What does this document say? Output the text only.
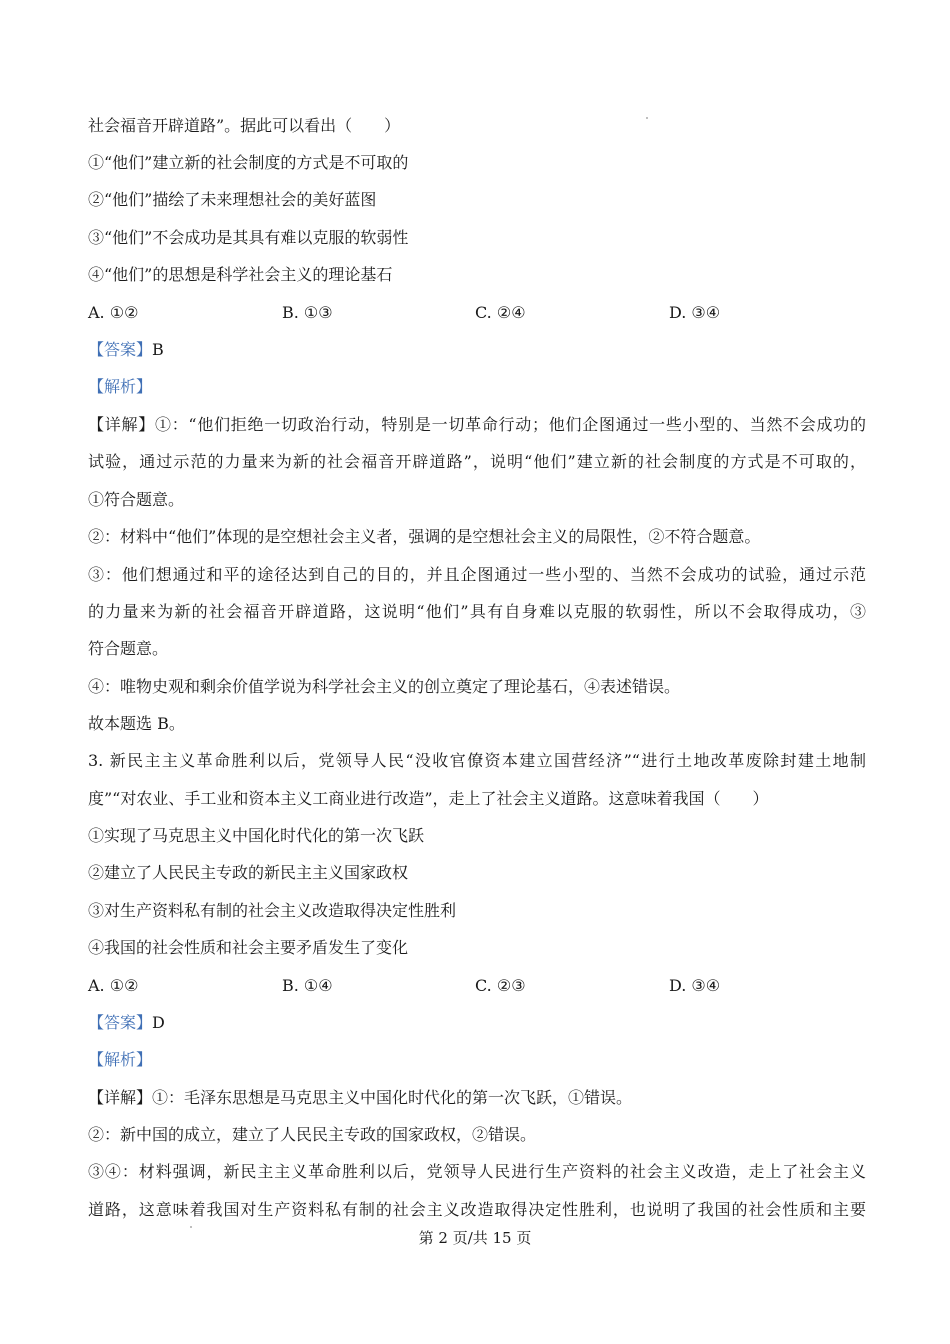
社会福音开辟道路”。据此可以看出（　　）
①“他们”建立新的社会制度的方式是不可取的
②“他们”描绘了未来理想社会的美好蓝图
③“他们”不会成功是其具有难以克服的软弱性
④“他们”的思想是科学社会主义的理论基石
A. ①②	B. ①③	C. ②④	D. ③④
【答案】B
【解析】
【详解】①：“他们拒绝一切政治行动，特别是一切革命行动；他们企图通过一些小型的、当然不会成功的
试验，通过示范的力量来为新的社会福音开辟道路”，说明“他们”建立新的社会制度的方式是不可取的，
①符合题意。
②：材料中“他们”体现的是空想社会主义者，强调的是空想社会主义的局限性，②不符合题意。
③：他们想通过和平的途径达到自己的目的，并且企图通过一些小型的、当然不会成功的试验，通过示范
的力量来为新的社会福音开辟道路，这说明“他们”具有自身难以克服的软弱性，所以不会取得成功，③
符合题意。
④：唯物史观和剩余价值学说为科学社会主义的创立奠定了理论基石，④表述错误。
故本题选 B。
3. 新民主主义革命胜利以后，党领导人民“没收官僚资本建立国营经济”“进行土地改革废除封建土地制
度”“对农业、手工业和资本主义工商业进行改造”，走上了社会主义道路。这意味着我国（　　）
①实现了马克思主义中国化时代化的第一次飞跃
②建立了人民民主专政的新民主主义国家政权
③对生产资料私有制的社会主义改造取得决定性胜利
④我国的社会性质和社会主要矛盾发生了变化
A. ①②	B. ①④	C. ②③	D. ③④
【答案】D
【解析】
【详解】①：毛泽东思想是马克思主义中国化时代化的第一次飞跃，①错误。
②：新中国的成立，建立了人民民主专政的国家政权，②错误。
③④：材料强调，新民主主义革命胜利以后，党领导人民进行生产资料的社会主义改造，走上了社会主义
道路，这意味着我国对生产资料私有制的社会主义改造取得决定性胜利，也说明了我国的社会性质和主要
第 2 页/共 15 页
